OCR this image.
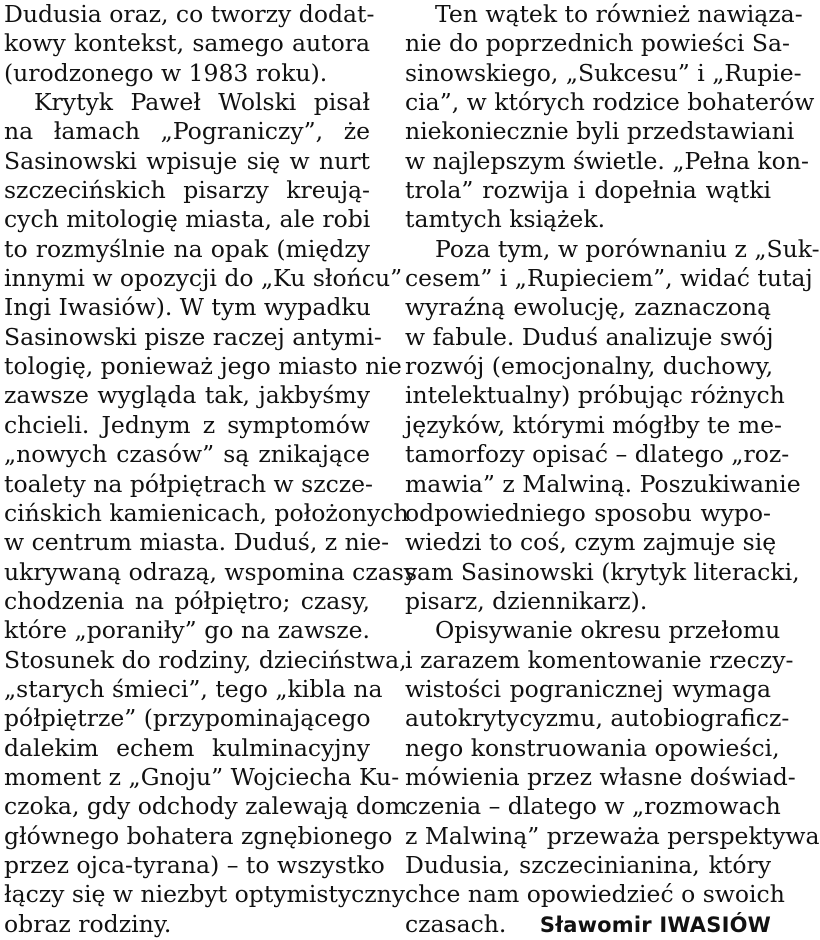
Dudusia oraz, co tworzy dodat-
kowy kontekst, samego autora
(urodzonego w 1983 roku).
Krytyk Paweł Wolski pisał
na łamach „Pograniczy”, że
Sasinowski wpisuje się w nurt
szczecińskich pisarzy kreują-
cych mitologię miasta, ale robi
to rozmyślnie na opak (między
innymi w opozycji do „Ku słońcu”
Ingi Iwasiów). W tym wypadku
Sasinowski pisze raczej antymi-
tologię, ponieważ jego miasto nie
zawsze wygląda tak, jakbyśmy
chcieli. Jednym z symptomów
„nowych czasów” są znikające
toalety na półpiętrach w szcze-
cińskich kamienicach, położonych
w centrum miasta. Duduś, z nie-
ukrywaną odrazą, wspomina czasy
chodzenia na półpiętro; czasy,
które „poraniły” go na zawsze.
Stosunek do rodziny, dzieciństwa,
„starych śmieci”, tego „kibla na
półpiętrze” (przypominającego
dalekim echem kulminacyjny
moment z „Gnoju” Wojciecha Ku-
czoka, gdy odchody zalewają dom
głównego bohatera zgnębionego
przez ojca-tyrana) – to wszystko
łączy się w niezbyt optymistyczny
obraz rodziny.
Ten wątek to również nawiąza-
nie do poprzednich powieści Sa-
sinowskiego, „Sukcesu” i „Rupie-
cia”, w których rodzice bohaterów
niekoniecznie byli przedstawiani
w najlepszym świetle. „Pełna kon-
trola” rozwija i dopełnia wątki
tamtych książek.
Poza tym, w porównaniu z „Suk-
cesem” i „Rupieciem”, widać tutaj
wyraźną ewolucję, zaznaczoną
w fabule. Duduś analizuje swój
rozwój (emocjonalny, duchowy,
intelektualny) próbując różnych
języków, którymi mógłby te me-
tamorfozy opisać – dlatego „roz-
mawia” z Malwiną. Poszukiwanie
odpowiedniego sposobu wypo-
wiedzi to coś, czym zajmuje się
sam Sasinowski (krytyk literacki,
pisarz, dziennikarz).
Opisywanie okresu przełomu
i zarazem komentowanie rzeczy-
wistości pogranicznej wymaga
autokrytycyzmu, autobiograficz-
nego konstruowania opowieści,
mówienia przez własne doświad-
czenia – dlatego w „rozmowach
z Malwiną” przeważa perspektywa
Dudusia, szczecinianina, który
chce nam opowiedzieć o swoich
czasach. Sławomir IWASIÓW
